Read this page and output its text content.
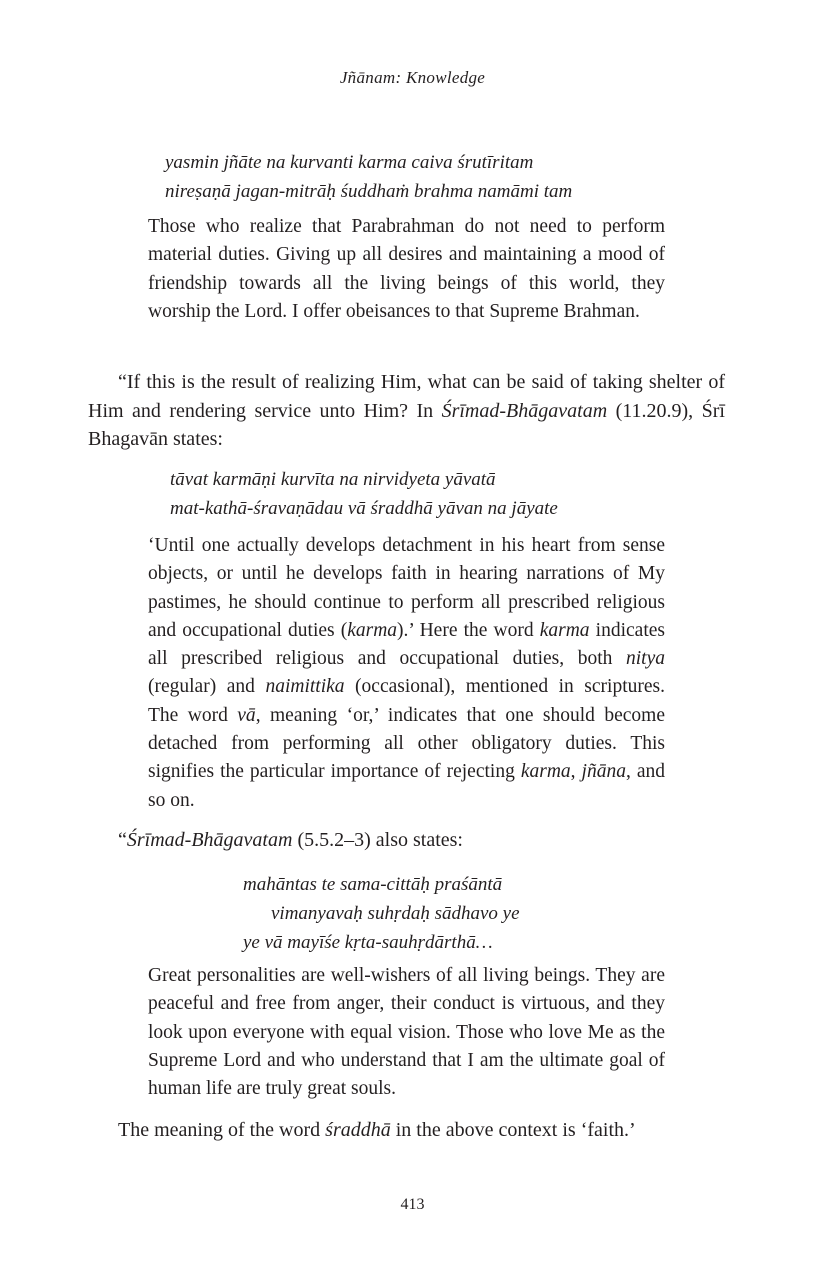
Jñānam: Knowledge
yasmin jñāte na kurvanti karma caiva śrutīritam
nireṣaṇā jagan-mitrāḥ śuddhaṁ brahma namāmi tam
Those who realize that Parabrahman do not need to perform material duties. Giving up all desires and maintaining a mood of friendship towards all the living beings of this world, they worship the Lord. I offer obeisances to that Supreme Brahman.
“If this is the result of realizing Him, what can be said of taking shelter of Him and rendering service unto Him? In Śrīmad-Bhāgavatam (11.20.9), Śrī Bhagavān states:
tāvat karmāṇi kurvīta na nirvidyeta yāvatā
mat-kathā-śravaṇādau vā śraddhā yāvan na jāyate
‘Until one actually develops detachment in his heart from sense objects, or until he develops faith in hearing narrations of My pastimes, he should continue to perform all prescribed religious and occupational duties (karma).’ Here the word karma indicates all prescribed religious and occupational duties, both nitya (regular) and naimittika (occasional), mentioned in scriptures. The word vā, meaning ‘or,’ indicates that one should become detached from performing all other obligatory duties. This signifies the particular importance of rejecting karma, jñāna, and so on.
“Śrīmad-Bhāgavatam (5.5.2–3) also states:
mahāntas te sama-cittāḥ praśāntā
vimanyavaḥ suhṛdaḥ sādhavo ye
ye vā mayīśe kṛta-sauhṛdārthā…
Great personalities are well-wishers of all living beings. They are peaceful and free from anger, their conduct is virtuous, and they look upon everyone with equal vision. Those who love Me as the Supreme Lord and who understand that I am the ultimate goal of human life are truly great souls.
The meaning of the word śraddhā in the above context is ‘faith.’
413
